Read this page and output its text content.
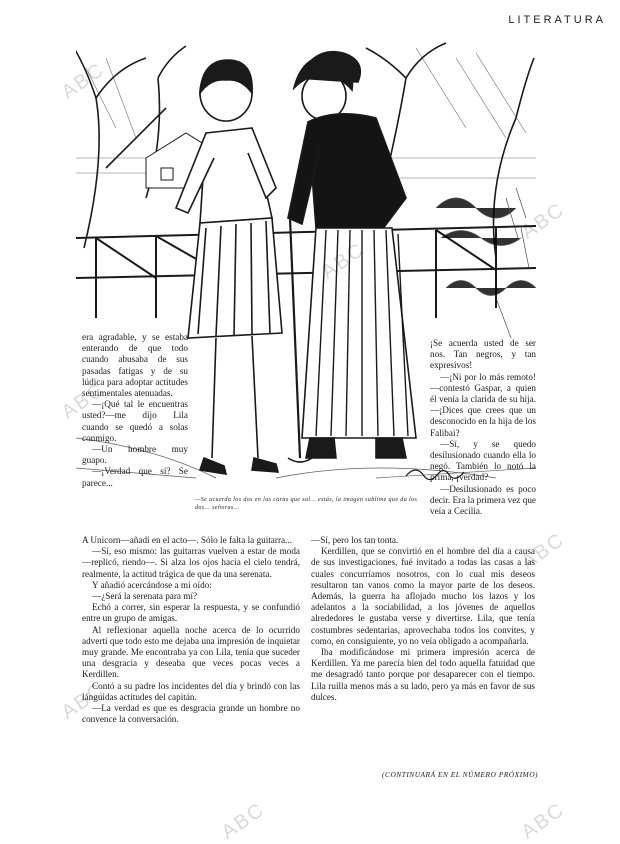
LITERATURA

era agradable, y se estaba enterando de que todo cuando abusaba de sus pasadas fatigas y de su lúdica para adoptar actitudes sentimentales atenuadas.

—¡Qué tal le encuentras usted?—me dijo Lila cuando se quedó a solas conmigo.

—Un hombre muy guapo.

—¡Verdad que sí? Se parece...

¡Se acuerda usted de ser nos. Tan negros, y tan expresivos!

—¡Ni por lo más remoto!—contestó Gaspar, a quien él venía la clarida de su hija.—¡Dices que crees que un desconocido en la hija de los Falibai?

—Sí, y se quedo desilusionado cuando ella lo negó. También lo notó la prima, ¡verdad?

—Desilusionado es poco decir. Era la primera vez que veía a Cecilia.

—Se acuerda los dos en las caras que sal... estás, la imagen sublime que da los dos... señoras...

A Unicorn—añadí en el acto—. Sólo le falta la guitarra...

—Sí, eso mismo: las guitarras vuelven a estar de moda—replicó, riendo—. Si alza los ojos hacia el cielo tendrá, realmente, la actitud trágica de que da una serenata.

Y añadió acercándose a mi oído:

—¿Será la serenata para mí?

Echó a correr, sin esperar la respuesta, y se confundió entre un grupo de amigas.

Al reflexionar aquella noche acerca de lo ocurrido advertí que todo esto me dejaba una impresión de inquietar muy grande. Me encontraba ya con Lila, tenía que suceder una desgracia y deseaba que veces pocas veces a Kerdillen.

Contó a su padre los incidentes del día y brindó con las lánguidas actitudes del capitán.

—La verdad es que es desgracia grande un hombre no convence la conversación.

—Sí, pero los tan tonta.

Kerdillen, que se convirtió en el hombre del día a causa de sus investigaciones, fué invitado a todas las casas a las cuales concurríamos nosotros, con lo cual mis deseos resultaron tan vanos como la mayor parte de los deseos. Además, la guerra ha aflojado mucho los lazos y los adelantos a la sociabilidad, a los jóvenes de aquellos alrededores le gustaba verse y divertirse. Lila, que tenía costumbres sedentarias, aprovechaba todos los convites, y como, en consiguiente, yo no veía obligado a acompañarla.

Iba modificándose mi primera impresión acerca de Kerdillen. Ya me parecía bien del todo aquella fatuidad que me desagradó tanto porque por desaparecer con el tiempo. Lila ruilla menos más a su lado, pero ya más en favor de sus dulces.

(CONTINUARÁ EN EL NÚMERO PRÓXIMO)
ABC
ABC
ABC
ABC
ABC
ABC	ABC
